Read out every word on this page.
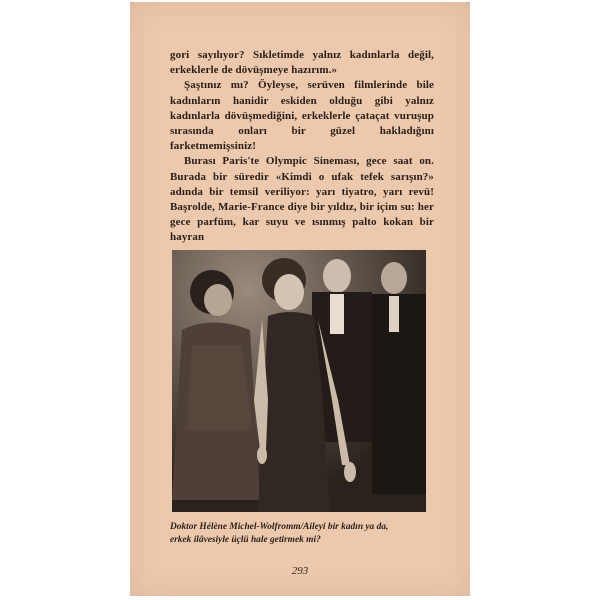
gori sayılıyor? Sıkletimde yalnız kadınlarla değil, erkeklerle de dövüşmeye hazırım.»

Şaştınız mı? Öyleyse, serüven filmlerinde bile kadınların hanidir eskiden olduğu gibi yalnız kadınlarla dövüşmediğini, erkeklerle çataçat vuruşup sırasında onları bir güzel hakladığını farketmemişsiniz!

Burası Paris'te Olympic Sineması, gece saat on. Burada bir süredir «Kimdi o ufak tefek sarışın?» adında bir temsil veriliyor: yarı tiyatro, yarı revü! Başrolde, Marie-France diye bir yıldız, bir içim su: her gece parfüm, kar suyu ve ısınmış palto kokan bir hayran

Doktor Hélène Michel-Wolfromm/Aileyi bir kadın ya da,

erkek ilâvesiyle üçlü hale getirmek mi?

293
